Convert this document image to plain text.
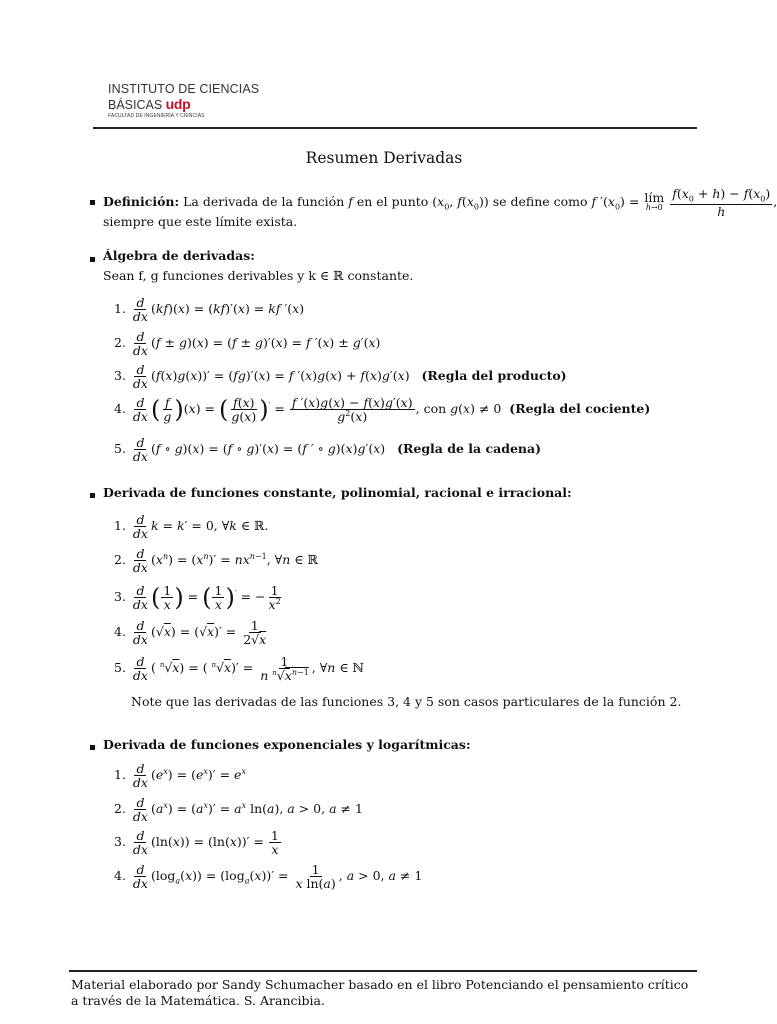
INSTITUTO DE CIENCIAS
BÁSICAS udp
FACULTAD DE INGENIERÍA Y CIENCIAS
Resumen Derivadas
Definición: La derivada de la función f en el punto ($x_0$, $f(x_0)$) se define como f $'(x_0)$ = lím
h→0
$\frac{f(x_0 + h) - f(x_0)}{h}$ ,
siempre que este límite exista.
Álgebra de derivadas:
Sean f, g funciones derivables y k ∈ ℝ constante.
1. $\frac{d}{dx} (kf)(x) = (kf)'(x)$ = kf ′(x)
2. $\frac{d}{dx} (f \pm g)(x) = (f \pm g)'(x) = f$ ′(x) ± g′(x)
3. $\frac{d}{dx} (f(x)g(x))' = (fg)'(x) = f$ ′(x)g(x) + f(x)g′(x)   (Regla del producto)
4. $\frac{d}{dx}$ ( $\frac{f}{g} )(x)$ = ( $\frac{f(x)}{g(x)} )' = \frac{f '(x)g(x) - f(x)g'(x)}{g^2(x)}$ , con g(x) ≠ 0  (Regla del cociente)
5. $\frac{d}{dx} (f$ ∘ g)(x) = (f ∘ g)′(x) = (f ′ ∘ g)(x)g′(x)   (Regla de la cadena)
Derivada de funciones constante, polinomial, racional e irracional:
1. $\frac{d}{dx}$ k = k′ = 0, ∀k ∈ ℝ.
2. $\frac{d}{dx} (x^n) = (x^n)' = nx^{n-1}$, ∀n ∈ ℝ
3. $\frac{d}{dx}$ ( $\frac{1}{x}$ ) = ( $\frac{1}{x} )'$ = − $\frac{1}{x^2}$
4. $\frac{d}{dx} (√x) = (√x)' = \frac{1}{2√x}$
5. $\frac{d}{dx}$ ( $^n$√x) = ( $^n√x)' = \frac{1}{n ^n√x^{n-1}}$ , ∀n ∈ ℕ
Note que las derivadas de las funciones 3, 4 y 5 son casos particulares de la función 2.
Derivada de funciones exponenciales y logarítmicas:
1. $\frac{d}{dx} (e^x) = (e^x)' = e^x$
2. $\frac{d}{dx} (a^x) = (a^x)' = a^x$ ln(a), a > 0, a ≠ 1
3. $\frac{d}{dx} (\ln(x)) = (\ln(x))' = \frac{1}{x}$
4. $\frac{d}{dx} (\log_a(x)) = (\log_a(x))' = \frac{1}{\text{x ln(a)}}$ , a > 0, a ≠ 1
Material elaborado por Sandy Schumacher basado en el libro Potenciando el pensamiento crítico a través de la Matemática. S. Arancibia.
